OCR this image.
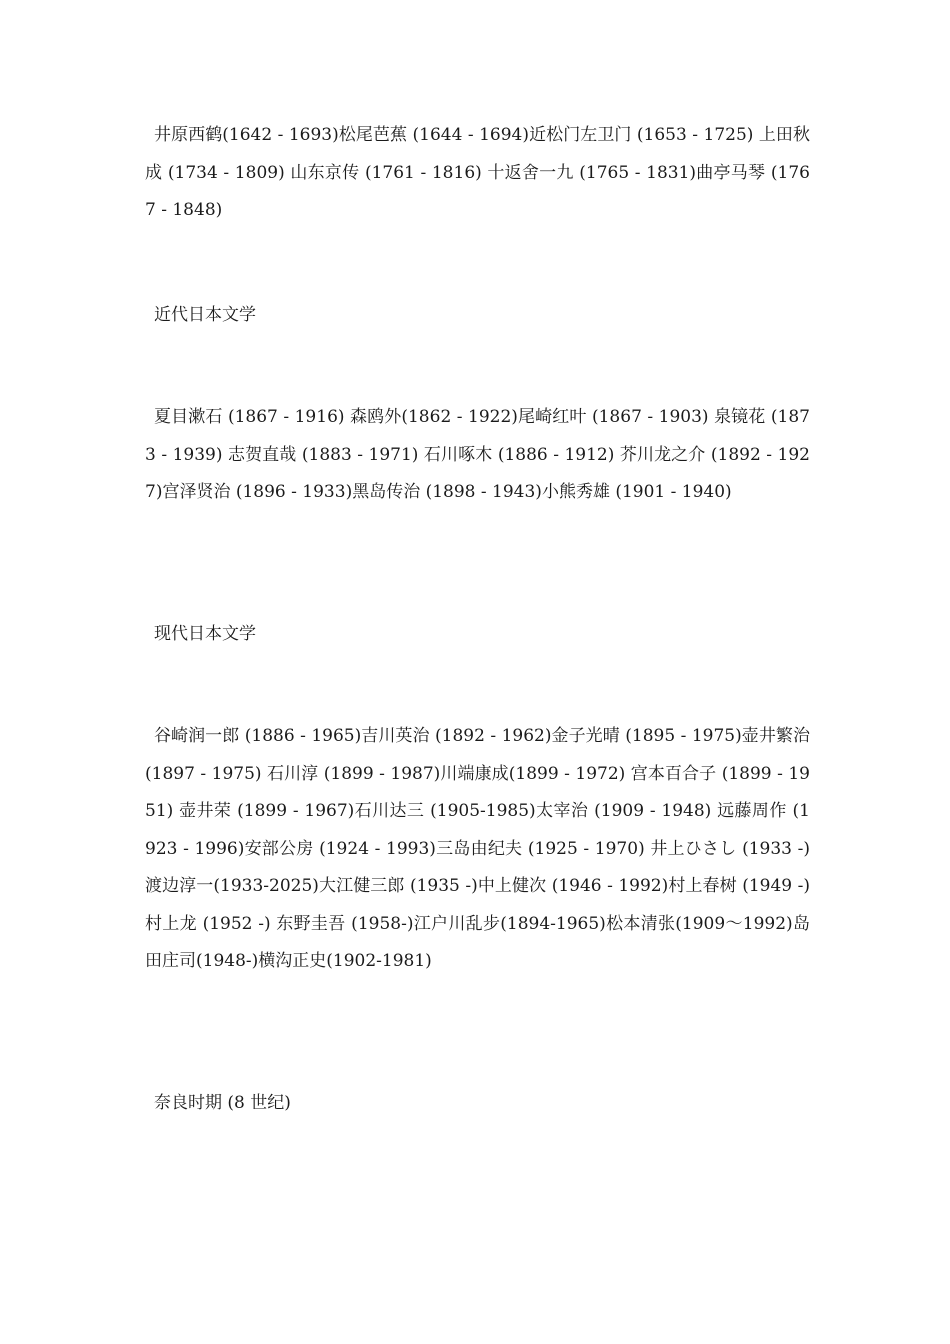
井原西鹤(1642 - 1693)松尾芭蕉 (1644 - 1694)近松门左卫门 (1653 - 1725) 上田秋成 (1734 - 1809) 山东京传 (1761 - 1816) 十返舍一九 (1765 - 1831)曲亭马琴 (1767 - 1848)

近代日本文学

夏目漱石 (1867 - 1916) 森鸥外(1862 - 1922)尾崎红叶 (1867 - 1903) 泉镜花 (1873 - 1939) 志贺直哉 (1883 - 1971) 石川啄木 (1886 - 1912) 芥川龙之介 (1892 - 1927)宫泽贤治 (1896 - 1933)黑岛传治 (1898 - 1943)小熊秀雄 (1901 - 1940)

现代日本文学

谷崎润一郎 (1886 - 1965)吉川英治 (1892 - 1962)金子光晴 (1895 - 1975)壶井繁治(1897 - 1975) 石川淳 (1899 - 1987)川端康成(1899 - 1972) 宫本百合子 (1899 - 1951) 壶井荣 (1899 - 1967)石川达三 (1905-1985)太宰治 (1909 - 1948) 远藤周作 (1923 - 1996)安部公房 (1924 - 1993)三岛由纪夫 (1925 - 1970) 井上ひさし (1933 -)渡边淳一(1933-2025)大江健三郎 (1935 -)中上健次 (1946 - 1992)村上春树 (1949 -)村上龙 (1952 -) 东野圭吾 (1958-)江户川乱步(1894-1965)松本清张(1909～1992)岛田庄司(1948-)横沟正史(1902-1981)

奈良时期 (8 世纪)
